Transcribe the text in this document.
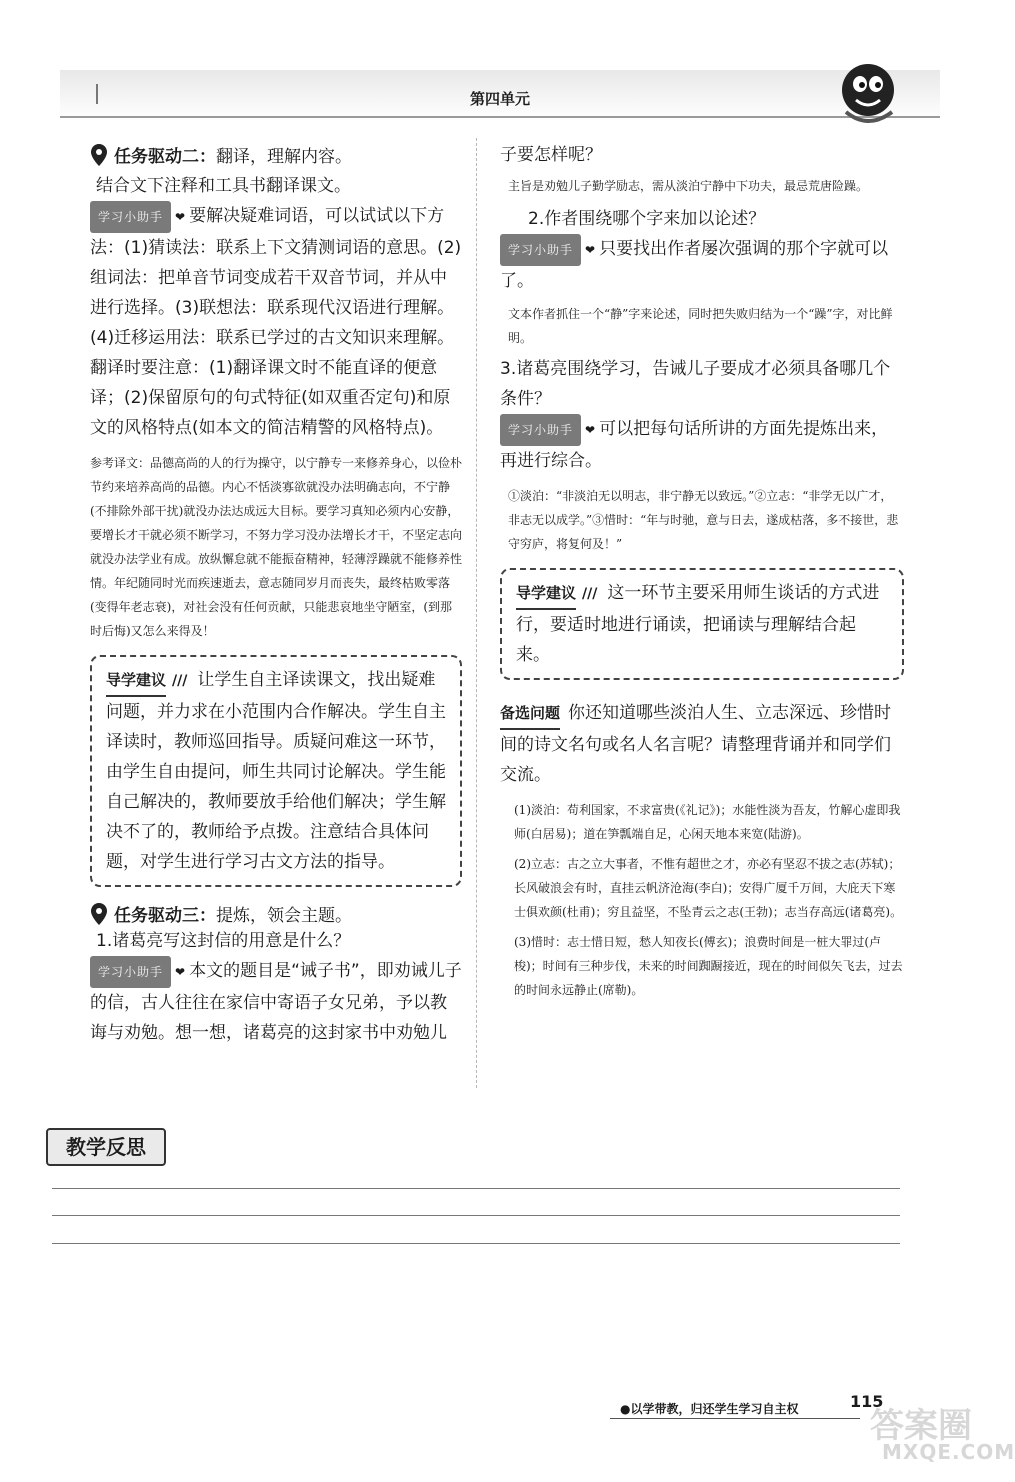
第四单元
任务驱动二： 翻译，理解内容。
结合文下注释和工具书翻译课文。
学习小助手 ❤ 要解决疑难词语，可以试试以下方法：(1)猜读法：联系上下文猜测词语的意思。(2)组词法：把单音节词变成若干双音节词，并从中进行选择。(3)联想法：联系现代汉语进行理解。(4)迁移运用法：联系已学过的古文知识来理解。翻译时要注意：(1)翻译课文时不能直译的便意译；(2)保留原句的句式特征(如双重否定句)和原文的风格特点(如本文的简洁精警的风格特点)。
参考译文：品德高尚的人的行为操守，以宁静专一来修养身心，以俭朴节约来培养高尚的品德。内心不恬淡寡欲就没办法明确志向，不宁静(不排除外部干扰)就没办法达成远大目标。要学习真知必须内心安静，要增长才干就必须不断学习，不努力学习没办法增长才干，不坚定志向就没办法学业有成。放纵懈怠就不能振奋精神，轻薄浮躁就不能修养性情。年纪随同时光而疾速逝去，意志随同岁月而丧失，最终枯败零落(变得年老志衰)，对社会没有任何贡献，只能悲哀地坐守陋室，(到那时后悔)又怎么来得及！
导学建议 /// 让学生自主译读课文，找出疑难问题，并力求在小范围内合作解决。学生自主译读时，教师巡回指导。质疑问难这一环节，由学生自由提问，师生共同讨论解决。学生能自己解决的，教师要放手给他们解决；学生解决不了的，教师给予点拨。注意结合具体问题，对学生进行学习古文方法的指导。
任务驱动三： 提炼，领会主题。
1.诸葛亮写这封信的用意是什么？
学习小助手 ❤ 本文的题目是“诫子书”，即劝诫儿子的信，古人往往在家信中寄语子女兄弟，予以教诲与劝勉。想一想，诸葛亮的这封家书中劝勉儿
子要怎样呢？
主旨是劝勉儿子勤学励志，需从淡泊宁静中下功夫，最忌荒唐险躁。
2.作者围绕哪个字来加以论述？
学习小助手 ❤ 只要找出作者屡次强调的那个字就可以了。
文本作者抓住一个“静”字来论述，同时把失败归结为一个“躁”字，对比鲜明。
3.诸葛亮围绕学习，告诫儿子要成才必须具备哪几个条件？
学习小助手 ❤ 可以把每句话所讲的方面先提炼出来，再进行综合。
①淡泊：“非淡泊无以明志，非宁静无以致远。”②立志：“非学无以广才，非志无以成学。”③惜时：“年与时驰，意与日去，遂成枯落，多不接世，悲守穷庐，将复何及！”
导学建议 /// 这一环节主要采用师生谈话的方式进行，要适时地进行诵读，把诵读与理解结合起来。
备选问题 你还知道哪些淡泊人生、立志深远、珍惜时间的诗文名句或名人名言呢？请整理背诵并和同学们交流。
(1)淡泊：苟利国家，不求富贵(《礼记》)；水能性淡为吾友，竹解心虚即我师(白居易)；道在笋瓢端自足，心闲天地本来宽(陆游)。
(2)立志：古之立大事者，不惟有超世之才，亦必有坚忍不拔之志(苏轼)；长风破浪会有时，直挂云帆济沧海(李白)；安得广厦千万间，大庇天下寒士俱欢颜(杜甫)；穷且益坚，不坠青云之志(王勃)；志当存高远(诸葛亮)。
(3)惜时：志士惜日短，愁人知夜长(傅玄)；浪费时间是一桩大罪过(卢梭)；时间有三种步伐，未来的时间踟蹰接近，现在的时间似矢飞去，过去的时间永远静止(席勒)。
教学反思
●以学带教，归还学生学习自主权	115
答案圈
MXQE.COM
